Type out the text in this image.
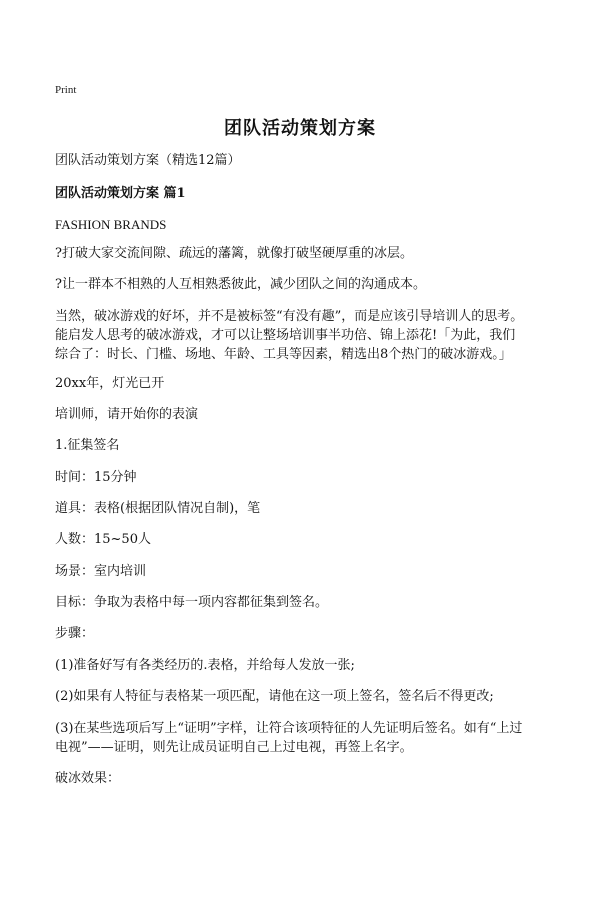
Print
团队活动策划方案
团队活动策划方案（精选12篇）
团队活动策划方案 篇1
FASHION BRANDS
?打破大家交流间隙、疏远的藩篱，就像打破坚硬厚重的冰层。
?让一群本不相熟的人互相熟悉彼此，减少团队之间的沟通成本。
当然，破冰游戏的好坏，并不是被标签“有没有趣”，而是应该引导培训人的思考。
能启发人思考的破冰游戏，才可以让整场培训事半功倍、锦上添花!「为此，我们
综合了：时长、门槛、场地、年龄、工具等因素，精选出8个热门的破冰游戏。」
20xx年，灯光已开
培训师，请开始你的表演
1.征集签名
时间：15分钟
道具：表格(根据团队情况自制)，笔
人数：15~50人
场景：室内培训
目标：争取为表格中每一项内容都征集到签名。
步骤：
(1)准备好写有各类经历的.表格，并给每人发放一张;
(2)如果有人特征与表格某一项匹配，请他在这一项上签名，签名后不得更改;
(3)在某些选项后写上“证明”字样，让符合该项特征的人先证明后签名。如有“上过
电视”——证明，则先让成员证明自己上过电视，再签上名字。
破冰效果：
